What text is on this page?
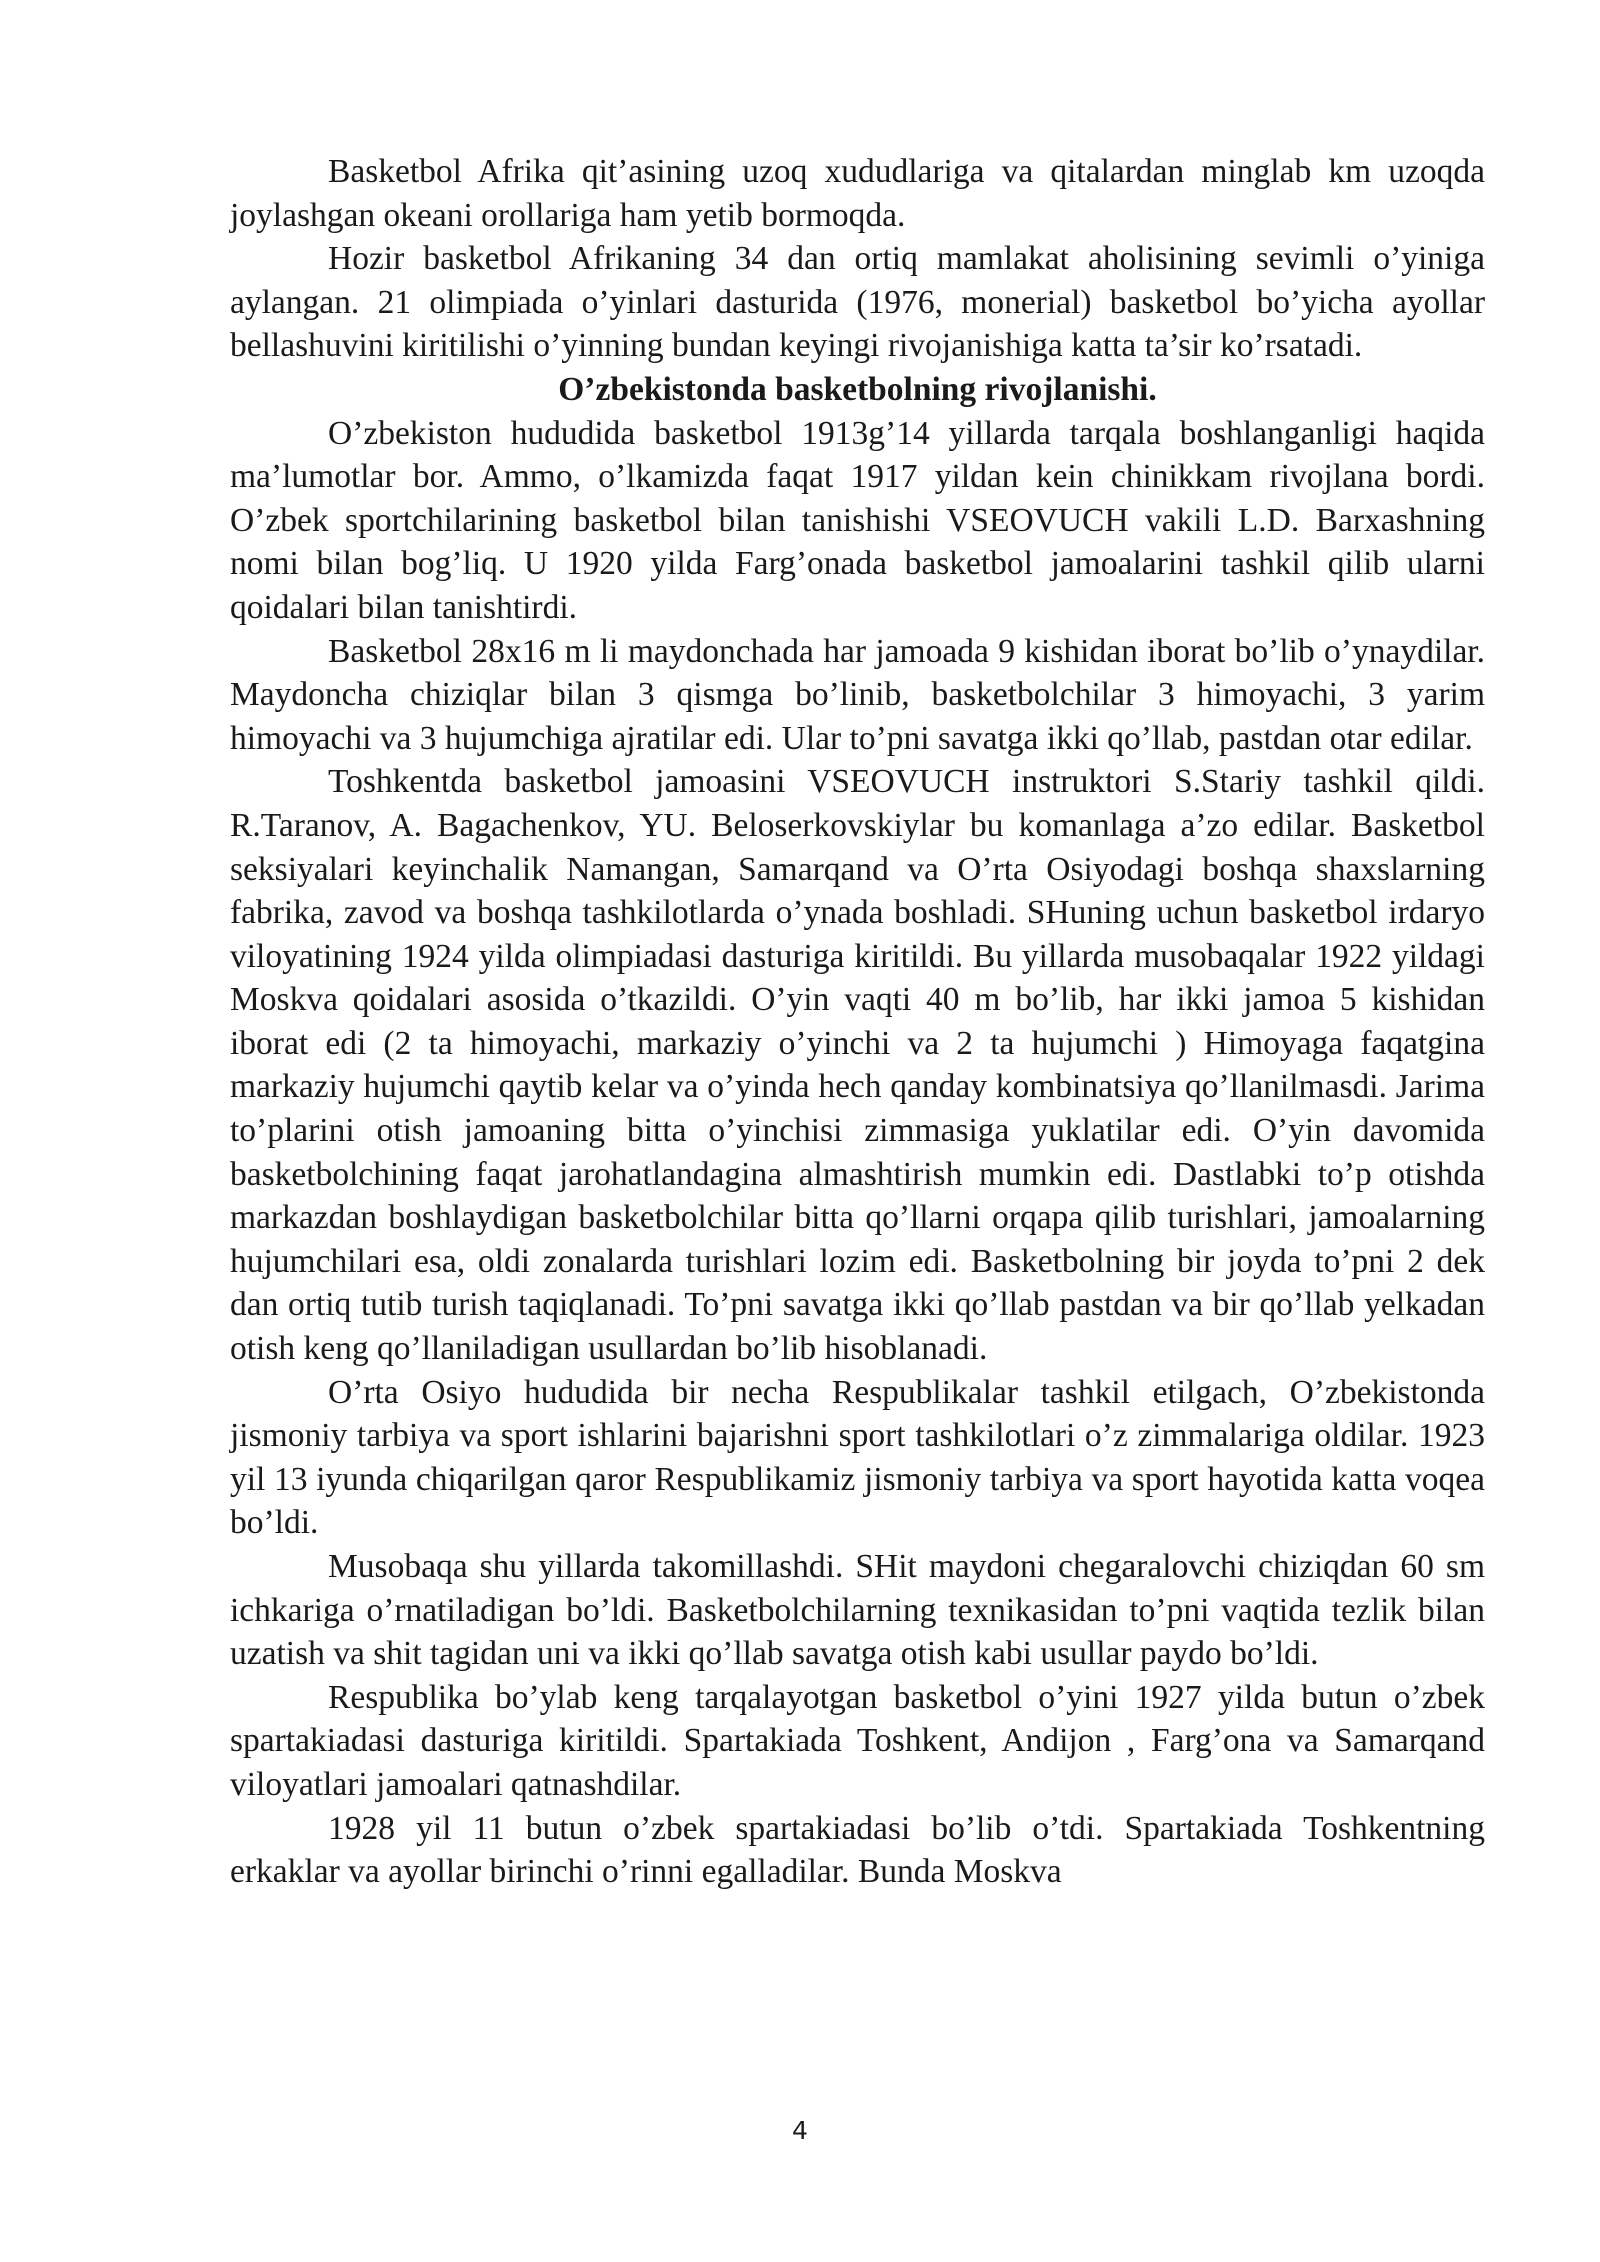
Basketbol Afrika qit’asining uzoq xududlariga va qitalardan minglab km uzoqda joylashgan okeani orollariga ham yetib bormoqda.

Hozir basketbol Afrikaning 34 dan ortiq mamlakat aholisining sevimli o’yiniga aylangan. 21 olimpiada o’yinlari dasturida (1976, monerial) basketbol bo’yicha ayollar bellashuvini kiritilishi o’yinning bundan keyingi rivojanishiga katta ta’sir ko’rsatadi.

O’zbekistonda basketbolning rivojlanishi.

O’zbekiston hududida basketbol 1913g’14 yillarda tarqala boshlanganligi haqida ma’lumotlar bor. Ammo, o’lkamizda faqat 1917 yildan kein chinikkam rivojlana bordi. O’zbek sportchilarining basketbol bilan tanishishi VSEOVUCH vakili L.D. Barxashning nomi bilan bog’liq. U 1920 yilda Farg’onada basketbol jamoalarini tashkil qilib ularni qoidalari bilan tanishtirdi.

Basketbol 28x16 m li maydonchada har jamoada 9 kishidan iborat bo’lib o’ynaydilar. Maydoncha chiziqlar bilan 3 qismga bo’linib, basketbolchilar 3 himoyachi, 3 yarim himoyachi va 3 hujumchiga ajratilar edi. Ular to’pni savatga ikki qo’llab, pastdan otar edilar.

Toshkentda basketbol jamoasini VSEOVUCH instruktori S.Stariy tashkil qildi. R.Taranov, A. Bagachenkov, YU. Beloserkovskiylar bu komanlaga a’zo edilar. Basketbol seksiyalari keyinchalik Namangan, Samarqand va O’rta Osiyodagi boshqa shaxslarning fabrika, zavod va boshqa tashkilotlarda o’ynada boshladi. SHuning uchun basketbol irdaryo viloyatining 1924 yilda olimpiadasi dasturiga kiritildi. Bu yillarda musobaqalar 1922 yildagi Moskva qoidalari asosida o’tkazildi. O’yin vaqti 40 m bo’lib, har ikki jamoa 5 kishidan iborat edi (2 ta himoyachi, markaziy o’yinchi va 2 ta hujumchi ) Himoyaga faqatgina markaziy hujumchi qaytib kelar va o’yinda hech qanday kombinatsiya qo’llanilmasdi. Jarima to’plarini otish jamoaning bitta o’yinchisi zimmasiga yuklatilar edi. O’yin davomida basketbolchining faqat jarohatlandagina almashtirish mumkin edi. Dastlabki to’p otishda markazdan boshlaydigan basketbolchilar bitta qo’llarni orqapa qilib turishlari, jamoalarning hujumchilari esa, oldi zonalarda turishlari lozim edi. Basketbolning bir joyda to’pni 2 dek dan ortiq tutib turish taqiqlanadi. To’pni savatga ikki qo’llab pastdan va bir qo’llab yelkadan otish keng qo’llaniladigan usullardan bo’lib hisoblanadi.

O’rta Osiyo hududida bir necha Respublikalar tashkil etilgach, O’zbekistonda jismoniy tarbiya va sport ishlarini bajarishni sport tashkilotlari o’z zimmalariga oldilar. 1923 yil 13 iyunda chiqarilgan qaror Respublikamiz jismoniy tarbiya va sport hayotida katta voqea bo’ldi.

Musobaqa shu yillarda takomillashdi. SHit maydoni chegaralovchi chiziqdan 60 sm ichkariga o’rnatiladigan bo’ldi. Basketbolchilarning texnikasidan to’pni vaqtida tezlik bilan uzatish va shit tagidan uni va ikki qo’llab savatga otish kabi usullar paydo bo’ldi.

Respublika bo’ylab keng tarqalayotgan basketbol o’yini 1927 yilda butun o’zbek spartakiadasi dasturiga kiritildi. Spartakiada Toshkent, Andijon , Farg’ona va Samarqand viloyatlari jamoalari qatnashdilar.

1928 yil 11 butun o’zbek spartakiadasi bo’lib o’tdi. Spartakiada Toshkentning erkaklar va ayollar birinchi o’rinni egalladilar. Bunda Moskva

4
